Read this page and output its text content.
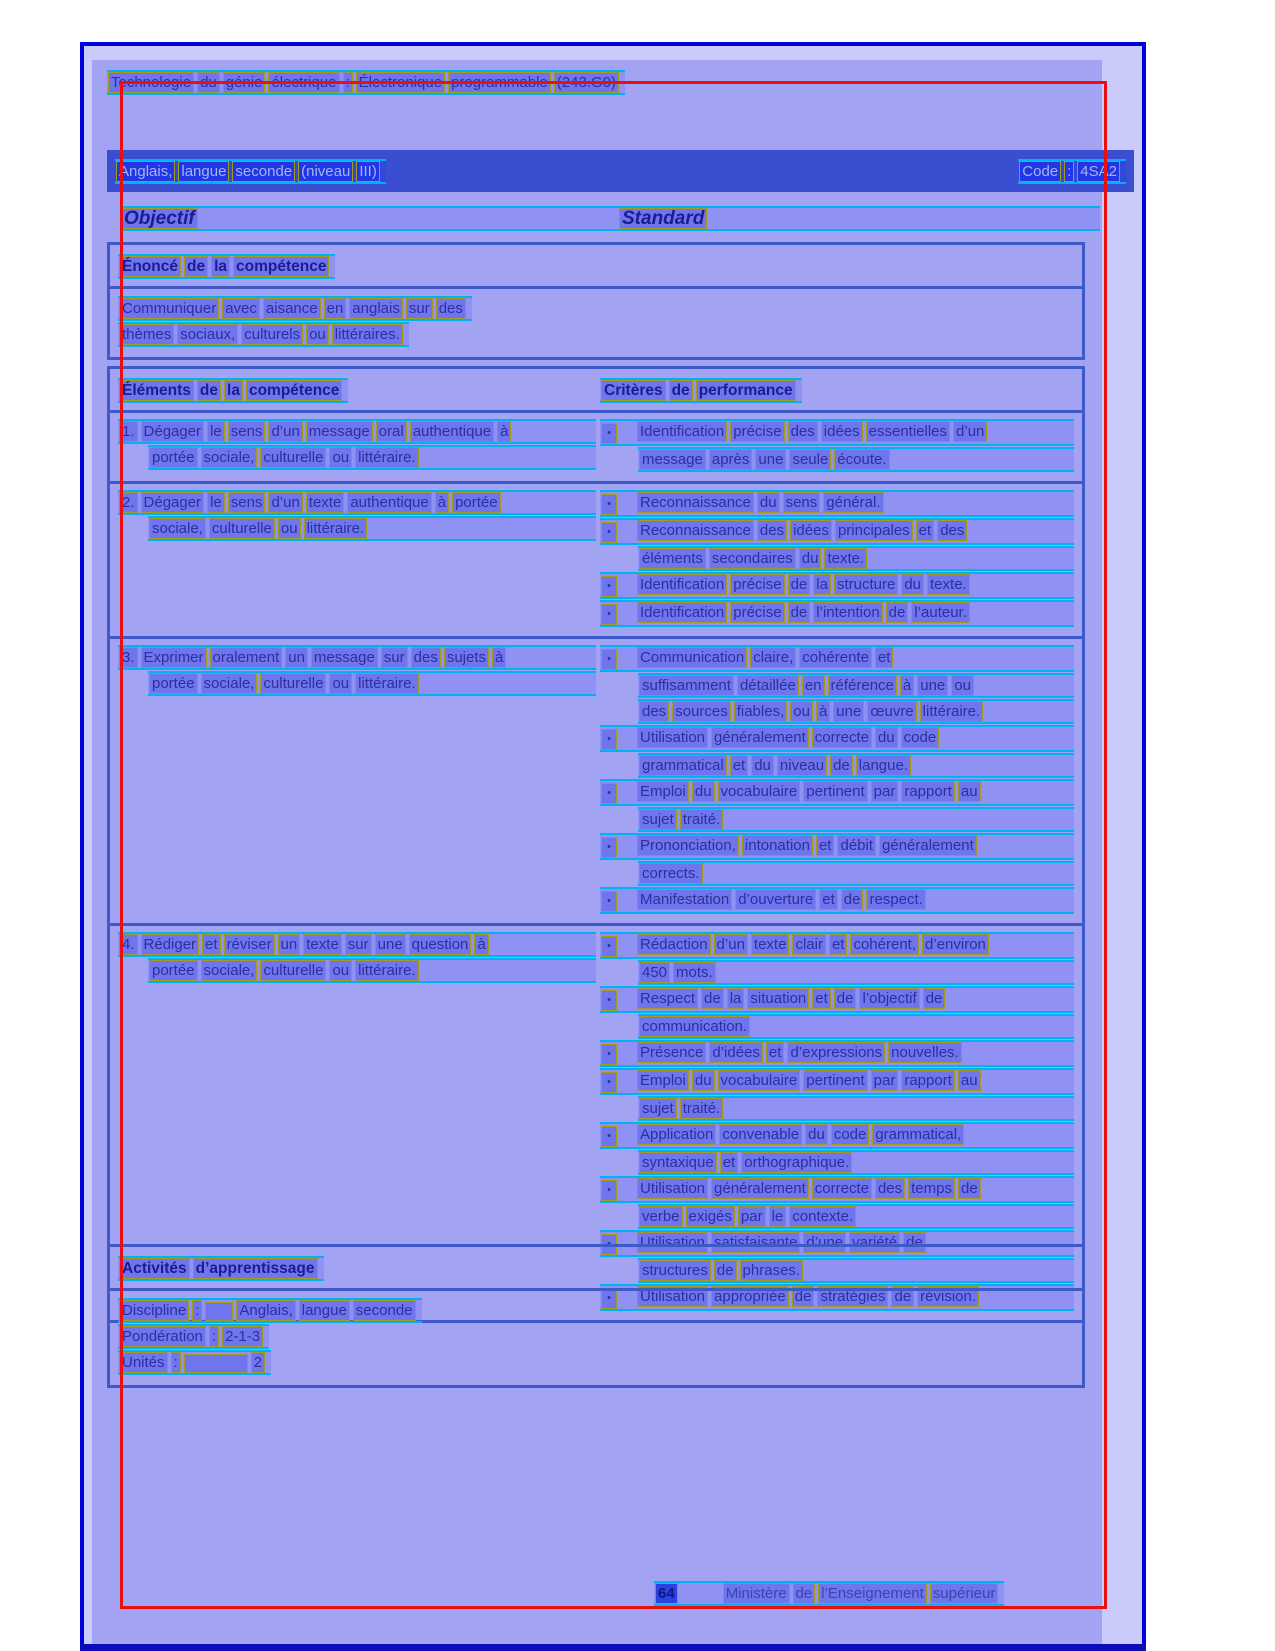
Technologie du génie électrique : Électronique programmable (243.G0)
Anglais, langue seconde (niveau III)	Code : 4SA2
Objectif	Standard
Énoncé de la compétence
Communiquer avec aisance en anglais sur des
thèmes sociaux, culturels ou littéraires.
Éléments de la compétence	Critères de performance
1. Dégager le sens d’un message oral authentique à
portée sociale, culturelle ou littéraire.
• Identification précise des idées essentielles d’un
message après une seule écoute.
2. Dégager le sens d’un texte authentique à portée
sociale, culturelle ou littéraire.
• Reconnaissance du sens général.
• Reconnaissance des idées principales et des
éléments secondaires du texte.
• Identification précise de la structure du texte.
• Identification précise de l’intention de l’auteur.
3. Exprimer oralement un message sur des sujets à
portée sociale, culturelle ou littéraire.
• Communication claire, cohérente et
suffisamment détaillée en référence à une ou
des sources fiables, ou à une œuvre littéraire.
• Utilisation généralement correcte du code
grammatical et du niveau de langue.
• Emploi du vocabulaire pertinent par rapport au
sujet traité.
• Prononciation, intonation et débit généralement
corrects.
• Manifestation d’ouverture et de respect.
4. Rédiger et réviser un texte sur une question à
portée sociale, culturelle ou littéraire.
• Rédaction d’un texte clair et cohérent, d’environ
450 mots.
• Respect de la situation et de l’objectif de
communication.
• Présence d’idées et d’expressions nouvelles.
• Emploi du vocabulaire pertinent par rapport au
sujet traité.
• Application convenable du code grammatical,
syntaxique et orthographique.
• Utilisation généralement correcte des temps de
verbe exigés par le contexte.
• Utilisation satisfaisante d’une variété de
structures de phrases.
• Utilisation appropriée de stratégies de révision.
Activités d’apprentissage
Discipline :	Anglais, langue seconde
Pondération : 2-1-3
Unités :	2
64	Ministère de l’Enseignement supérieur
